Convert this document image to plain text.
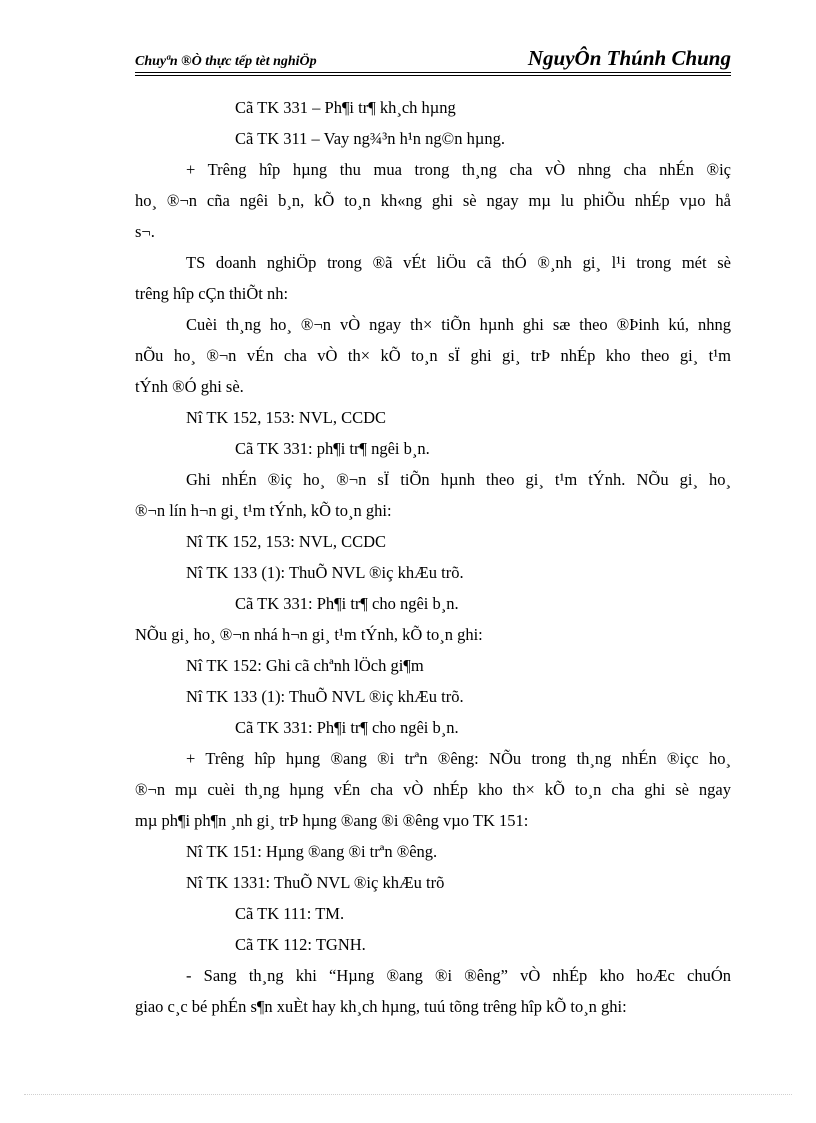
Chuyªn ®Ò thực tếp tèt nghiÖp	NguyÔn Thúnh Chung
Cã TK 331 – Ph¶i tr¶ kh¸ch hµng
Cã TK 311 – Vay ng¾³n h¹n ng©n hµng.
+ Trêng hîp hµng thu mua trong th¸ng cha vÒ nhng cha nhÉn ®iç
ho¸ ®¬n cña ngêi b¸n, kÕ to¸n kh«ng ghi sè ngay mµ lu phiÕu nhÉp vµo hå
s¬.
TS doanh nghiÖp trong ®ã vÉt liÖu cã thÓ ®¸nh gi¸ l¹i trong mét sè
trêng hîp cÇn thiÕt nh:
Cuèi th¸ng ho¸ ®¬n vÒ ngay th× tiÕn hµnh ghi sæ theo ®Þinh kú, nhng
nÕu ho¸ ®¬n vÉn cha vÒ th× kÕ to¸n sÏ ghi gi¸ trÞ nhÉp kho theo gi¸ t¹m
tÝnh ®Ó ghi sè.
Nî TK 152, 153: NVL, CCDC
Cã TK 331: ph¶i tr¶ ngêi b¸n.
Ghi nhÉn ®iç ho¸ ®¬n sÏ tiÕn hµnh theo gi¸ t¹m tÝnh. NÕu gi¸ ho¸
®¬n lín h¬n gi¸ t¹m tÝnh, kÕ to¸n ghi:
Nî TK 152, 153: NVL, CCDC
Nî TK 133 (1): ThuÕ NVL ®iç khÆu trõ.
Cã TK 331: Ph¶i tr¶ cho ngêi b¸n.
NÕu gi¸ ho¸ ®¬n nhá h¬n gi¸ t¹m tÝnh, kÕ to¸n ghi:
Nî TK 152: Ghi cã chªnh lÖch gi¶m
Nî TK 133 (1): ThuÕ NVL ®iç khÆu trõ.
Cã TK 331: Ph¶i tr¶ cho ngêi b¸n.
+ Trêng hîp hµng ®ang ®i trªn ®êng: NÕu trong th¸ng nhÉn ®içc ho¸
®¬n mµ cuèi th¸ng hµng vÉn cha vÒ nhÉp kho th× kÕ to¸n cha ghi sè ngay
mµ ph¶i ph¶n ¸nh gi¸ trÞ hµng ®ang ®i ®êng vµo TK 151:
Nî TK 151: Hµng ®ang ®i trªn ®êng.
Nî TK 1331: ThuÕ NVL ®iç khÆu trõ
Cã TK 111: TM.
Cã TK 112: TGNH.
- Sang th¸ng khi “Hµng ®ang ®i ®êng” vÒ nhÉp kho hoÆc chuÓn
giao c¸c bé phÉn s¶n xuÈt hay kh¸ch hµng, tuú tõng trêng hîp kÕ to¸n ghi:
